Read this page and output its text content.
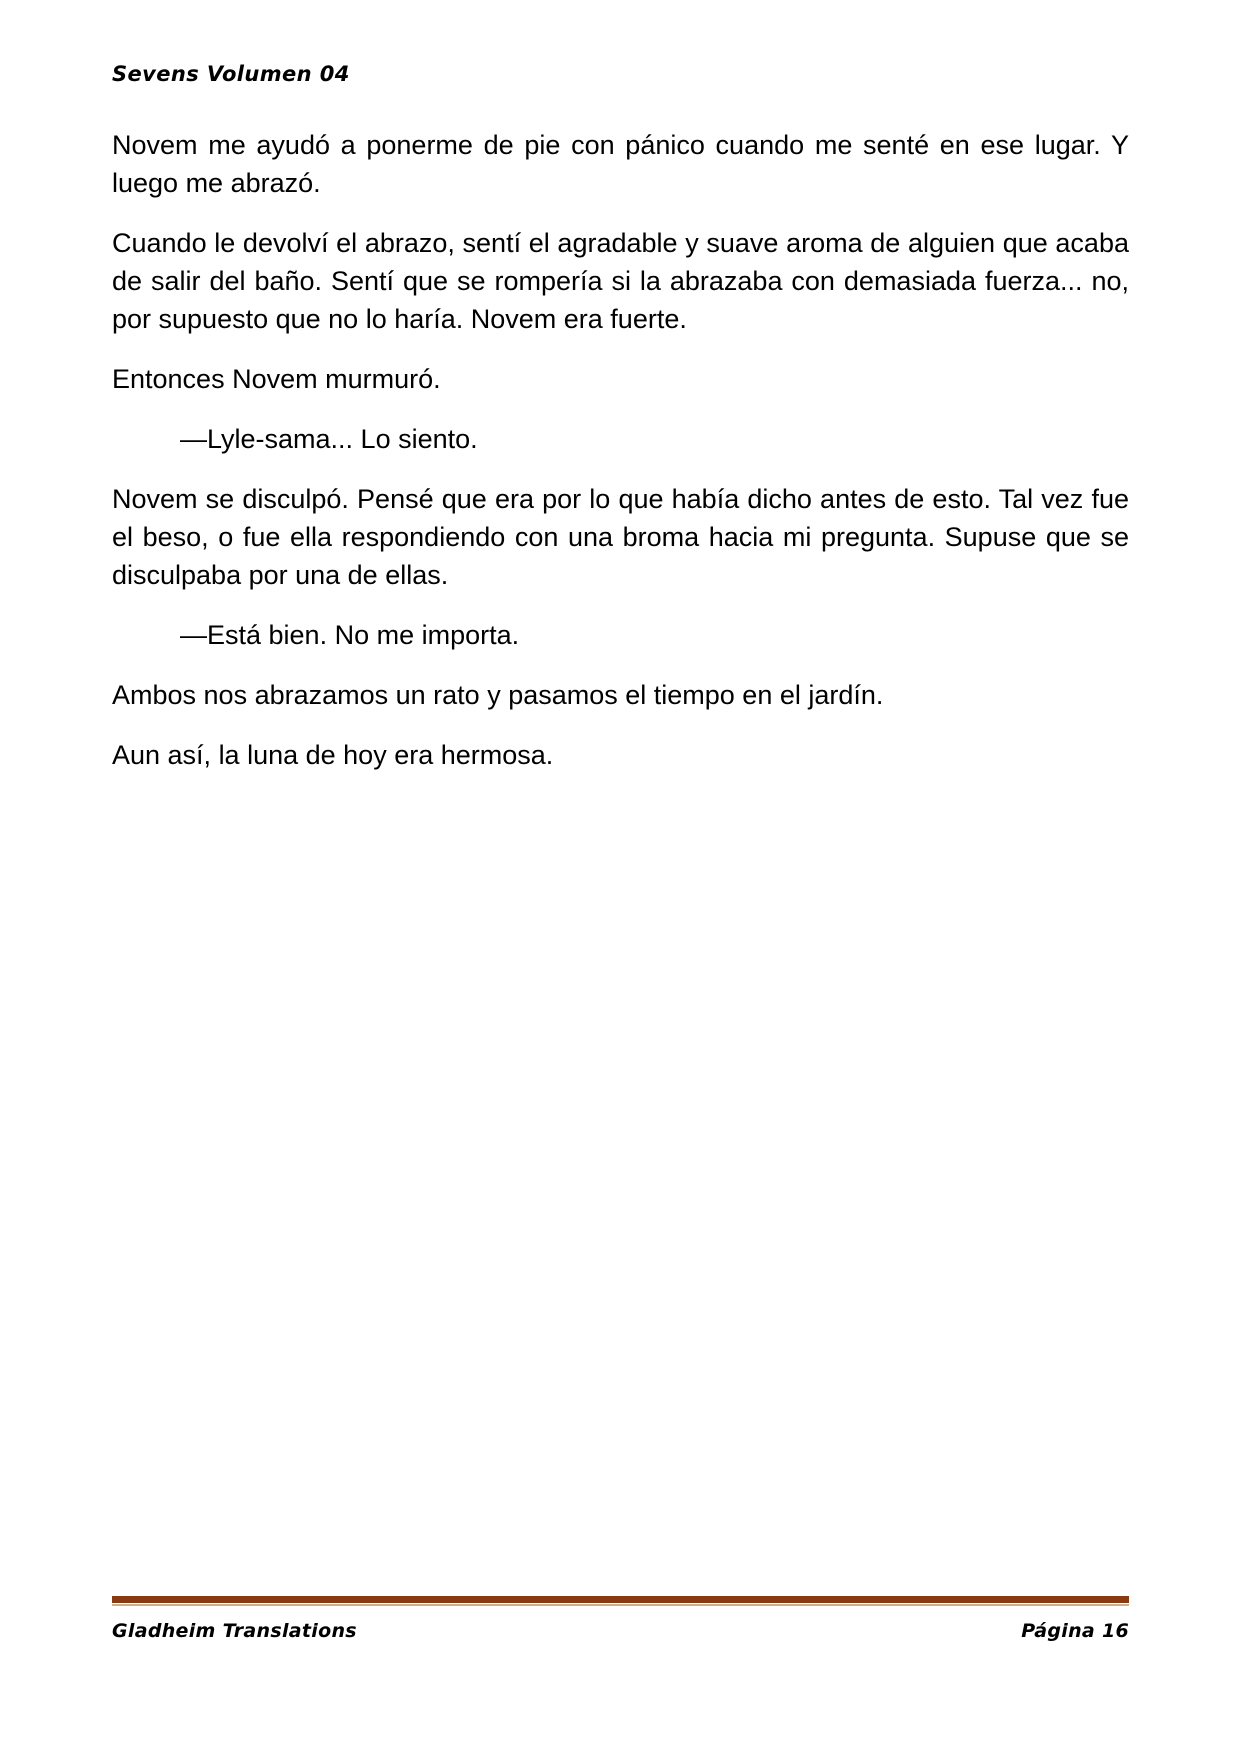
Sevens Volumen 04

Novem me ayudó a ponerme de pie con pánico cuando me senté en ese lugar. Y luego me abrazó.

Cuando le devolví el abrazo, sentí el agradable y suave aroma de alguien que acaba de salir del baño. Sentí que se rompería si la abrazaba con demasiada fuerza... no, por supuesto que no lo haría. Novem era fuerte.

Entonces Novem murmuró.

—Lyle-sama... Lo siento.

Novem se disculpó. Pensé que era por lo que había dicho antes de esto. Tal vez fue el beso, o fue ella respondiendo con una broma hacia mi pregunta. Supuse que se disculpaba por una de ellas.

—Está bien. No me importa.

Ambos nos abrazamos un rato y pasamos el tiempo en el jardín.

Aun así, la luna de hoy era hermosa.

Gladheim Translations	Página 16
